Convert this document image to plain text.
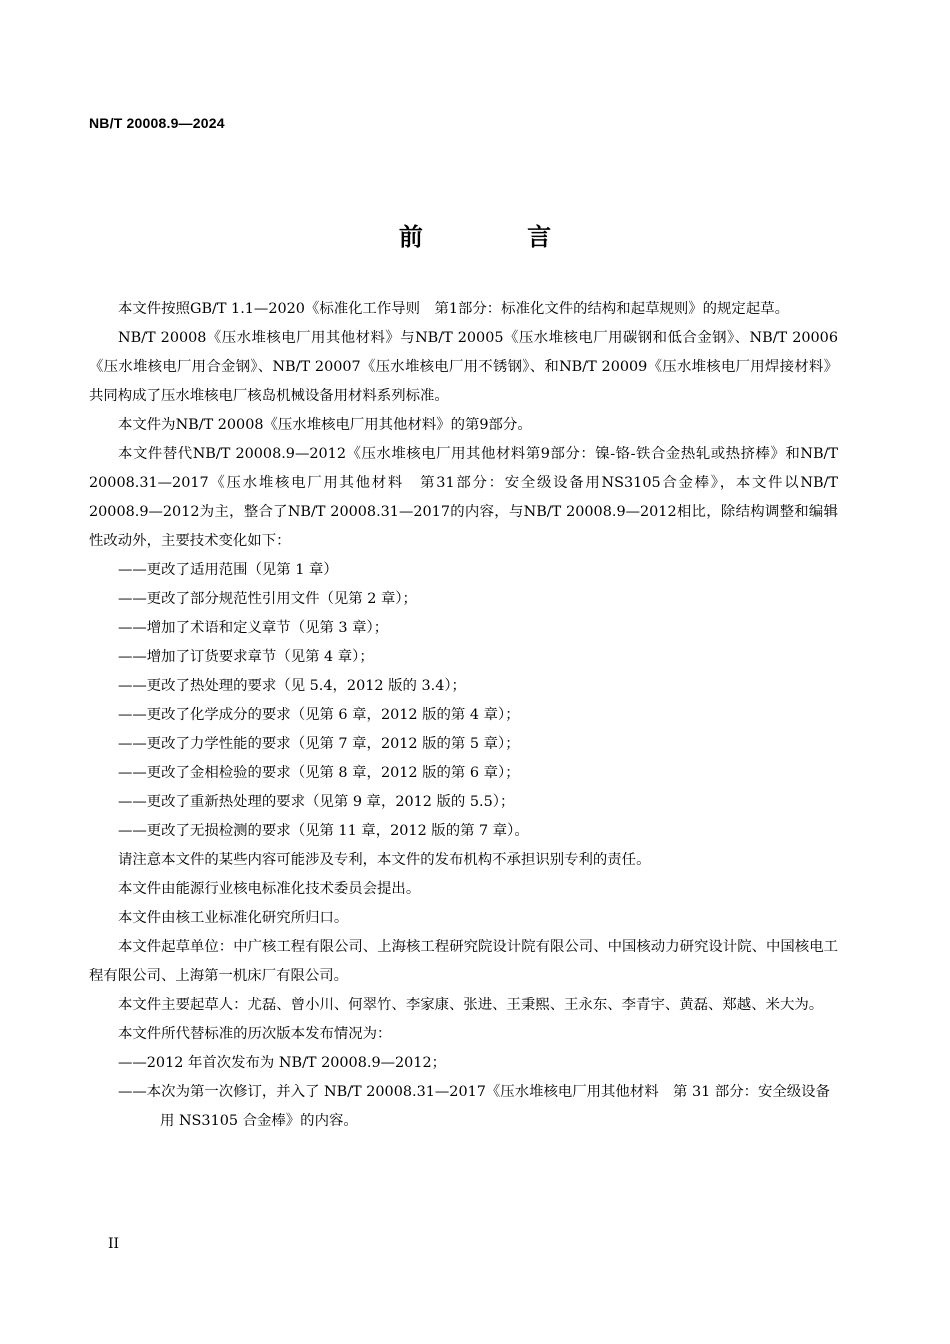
NB/T 20008.9—2024
前 言

本文件按照GB/T 1.1—2020《标准化工作导则　第1部分：标准化文件的结构和起草规则》的规定起草。

NB/T 20008《压水堆核电厂用其他材料》与NB/T 20005《压水堆核电厂用碳钢和低合金钢》、NB/T 20006《压水堆核电厂用合金钢》、NB/T 20007《压水堆核电厂用不锈钢》、和NB/T 20009《压水堆核电厂用焊接材料》共同构成了压水堆核电厂核岛机械设备用材料系列标准。

本文件为NB/T 20008《压水堆核电厂用其他材料》的第9部分。

本文件替代NB/T 20008.9—2012《压水堆核电厂用其他材料第9部分：镍-铬-铁合金热轧或热挤棒》和NB/T 20008.31—2017《压水堆核电厂用其他材料　第31部分：安全级设备用NS3105合金棒》，本文件以NB/T 20008.9—2012为主，整合了NB/T 20008.31—2017的内容，与NB/T 20008.9—2012相比，除结构调整和编辑性改动外，主要技术变化如下：

——更改了适用范围（见第 1 章）

——更改了部分规范性引用文件（见第 2 章）；

——增加了术语和定义章节（见第 3 章）；

——增加了订货要求章节（见第 4 章）；

——更改了热处理的要求（见 5.4，2012 版的 3.4）；

——更改了化学成分的要求（见第 6 章，2012 版的第 4 章）；

——更改了力学性能的要求（见第 7 章，2012 版的第 5 章）；

——更改了金相检验的要求（见第 8 章，2012 版的第 6 章）；

——更改了重新热处理的要求（见第 9 章，2012 版的 5.5）；

——更改了无损检测的要求（见第 11 章，2012 版的第 7 章）。

请注意本文件的某些内容可能涉及专利，本文件的发布机构不承担识别专利的责任。

本文件由能源行业核电标准化技术委员会提出。

本文件由核工业标准化研究所归口。

本文件起草单位：中广核工程有限公司、上海核工程研究院设计院有限公司、中国核动力研究设计院、中国核电工程有限公司、上海第一机床厂有限公司。

本文件主要起草人：尤磊、曾小川、何翠竹、李家康、张进、王秉熙、王永东、李青宇、黄磊、郑越、米大为。

本文件所代替标准的历次版本发布情况为：

——2012 年首次发布为 NB/T 20008.9—2012；

——本次为第一次修订，并入了 NB/T 20008.31—2017《压水堆核电厂用其他材料　第 31 部分：安全级设备用 NS3105 合金棒》的内容。

II
